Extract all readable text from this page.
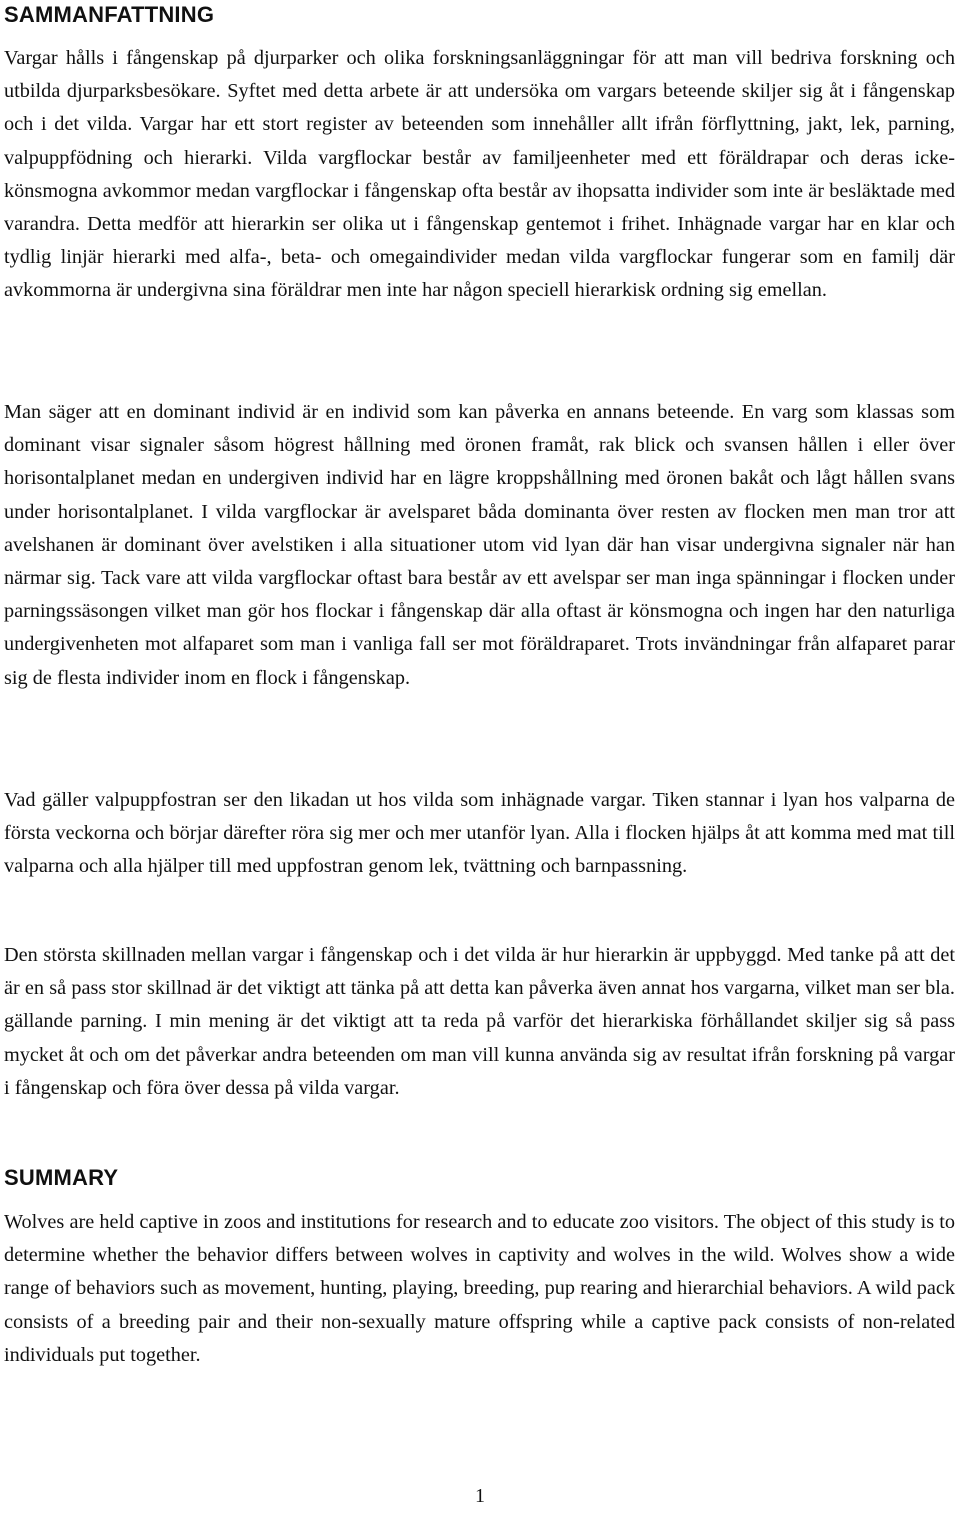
SAMMANFATTNING

Vargar hålls i fångenskap på djurparker och olika forskningsanläggningar för att man vill bedriva forskning och utbilda djurparksbesökare. Syftet med detta arbete är att undersöka om vargars beteende skiljer sig åt i fångenskap och i det vilda. Vargar har ett stort register av beteenden som innehåller allt ifrån förflyttning, jakt, lek, parning, valpuppfödning och hierarki. Vilda vargflockar består av familjeenheter med ett föräldrapar och deras icke-könsmogna avkommor medan vargflockar i fångenskap ofta består av ihopsatta individer som inte är besläktade med varandra. Detta medför att hierarkin ser olika ut i fångenskap gentemot i frihet. Inhägnade vargar har en klar och tydlig linjär hierarki med alfa-, beta- och omegaindivider medan vilda vargflockar fungerar som en familj där avkommorna är undergivna sina föräldrar men inte har någon speciell hierarkisk ordning sig emellan.

Man säger att en dominant individ är en individ som kan påverka en annans beteende. En varg som klassas som dominant visar signaler såsom högrest hållning med öronen framåt, rak blick och svansen hållen i eller över horisontalplanet medan en undergiven individ har en lägre kroppshållning med öronen bakåt och lågt hållen svans under horisontalplanet. I vilda vargflockar är avelsparet båda dominanta över resten av flocken men man tror att avelshanen är dominant över avelstiken i alla situationer utom vid lyan där han visar undergivna signaler när han närmar sig. Tack vare att vilda vargflockar oftast bara består av ett avelspar ser man inga spänningar i flocken under parningssäsongen vilket man gör hos flockar i fångenskap där alla oftast är könsmogna och ingen har den naturliga undergivenheten mot alfaparet som man i vanliga fall ser mot föräldraparet. Trots invändningar från alfaparet parar sig de flesta individer inom en flock i fångenskap.

Vad gäller valpuppfostran ser den likadan ut hos vilda som inhägnade vargar. Tiken stannar i lyan hos valparna de första veckorna och börjar därefter röra sig mer och mer utanför lyan. Alla i flocken hjälps åt att komma med mat till valparna och alla hjälper till med uppfostran genom lek, tvättning och barnpassning.

Den största skillnaden mellan vargar i fångenskap och i det vilda är hur hierarkin är uppbyggd. Med tanke på att det är en så pass stor skillnad är det viktigt att tänka på att detta kan påverka även annat hos vargarna, vilket man ser bla. gällande parning. I min mening är det viktigt att ta reda på varför det hierarkiska förhållandet skiljer sig så pass mycket åt och om det påverkar andra beteenden om man vill kunna använda sig av resultat ifrån forskning på vargar i fångenskap och föra över dessa på vilda vargar.

SUMMARY

Wolves are held captive in zoos and institutions for research and to educate zoo visitors. The object of this study is to determine whether the behavior differs between wolves in captivity and wolves in the wild. Wolves show a wide range of behaviors such as movement, hunting, playing, breeding, pup rearing and hierarchial behaviors. A wild pack consists of a breeding pair and their non-sexually mature offspring while a captive pack consists of non-related individuals put together.

1
